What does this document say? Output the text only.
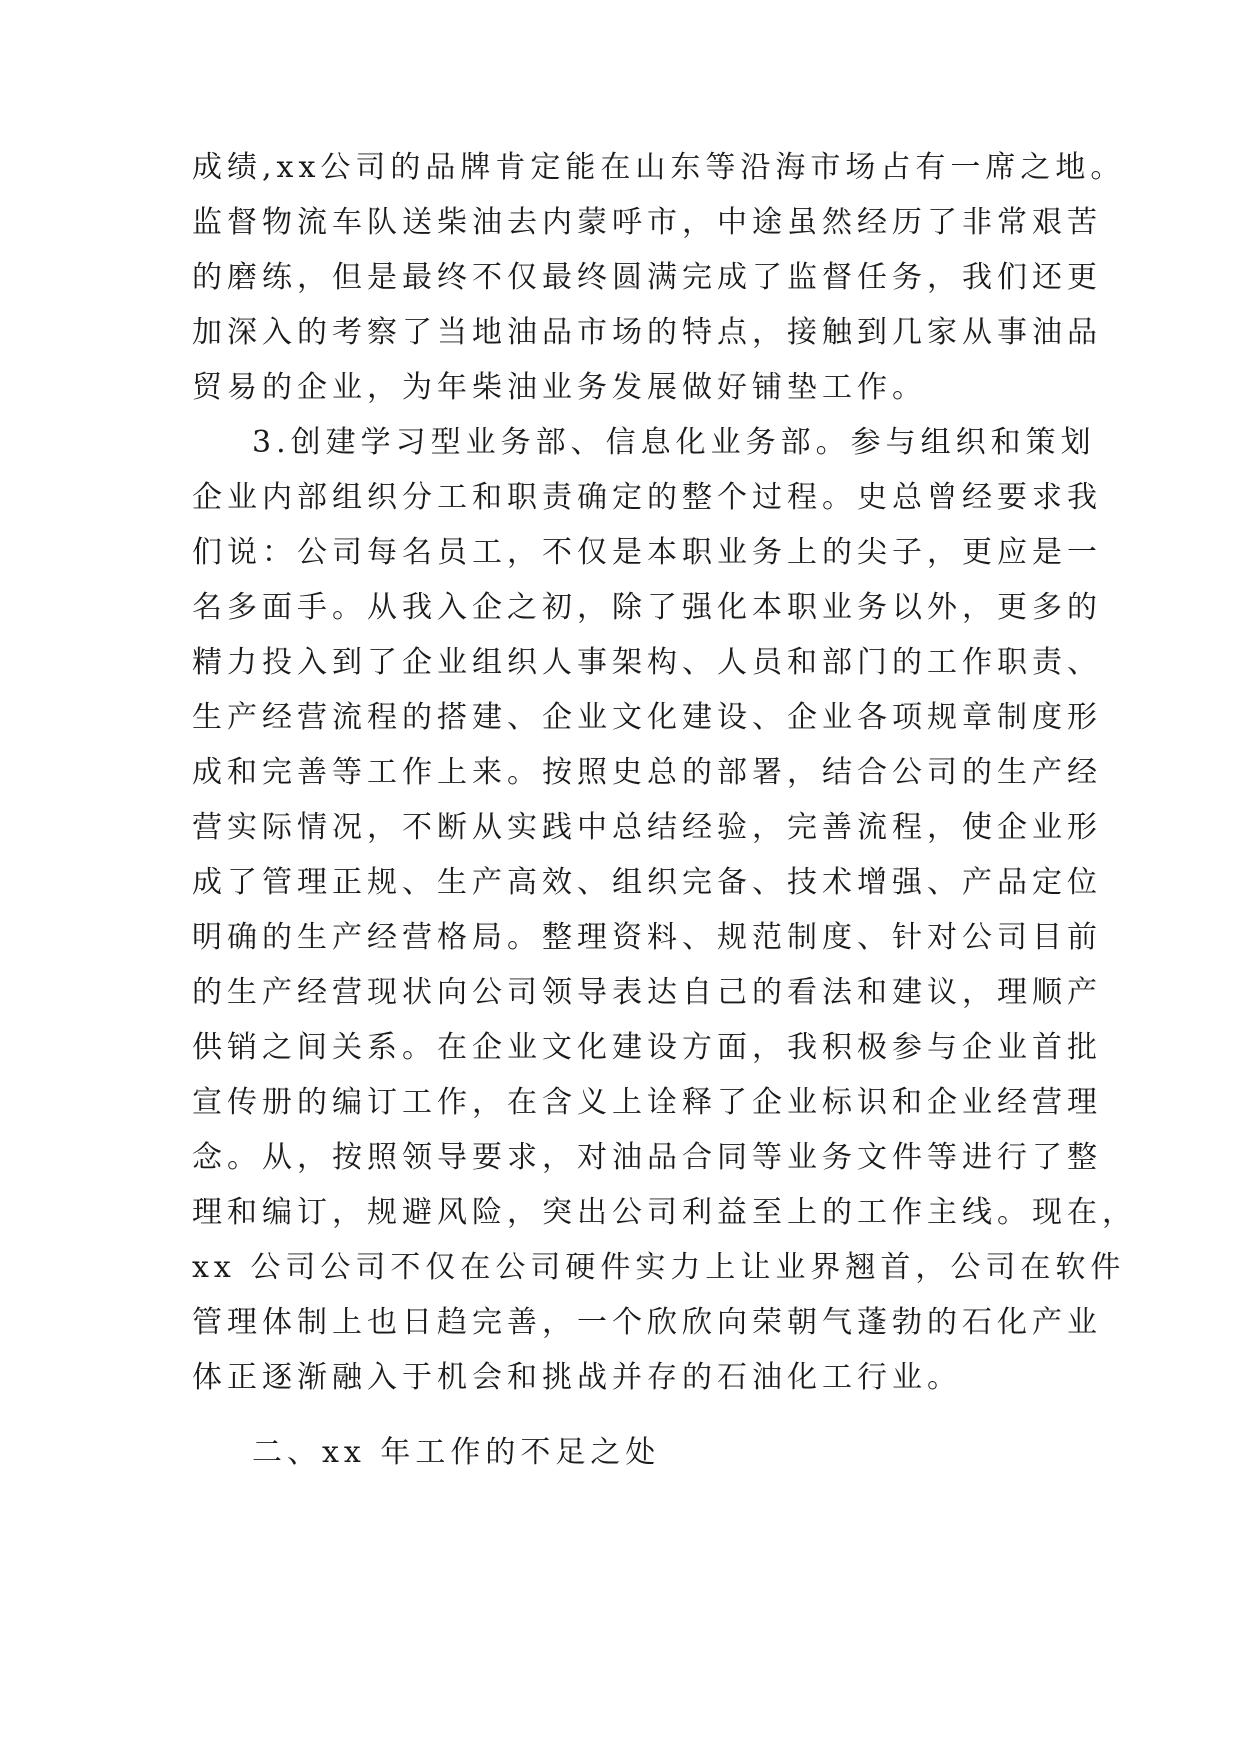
成绩,xx公司的品牌肯定能在山东等沿海市场占有一席之地。
监督物流车队送柴油去内蒙呼市，中途虽然经历了非常艰苦
的磨练，但是最终不仅最终圆满完成了监督任务，我们还更
加深入的考察了当地油品市场的特点，接触到几家从事油品
贸易的企业，为年柴油业务发展做好铺垫工作。
3.创建学习型业务部、信息化业务部。参与组织和策划
企业内部组织分工和职责确定的整个过程。史总曾经要求我
们说：公司每名员工，不仅是本职业务上的尖子，更应是一
名多面手。从我入企之初，除了强化本职业务以外，更多的
精力投入到了企业组织人事架构、人员和部门的工作职责、
生产经营流程的搭建、企业文化建设、企业各项规章制度形
成和完善等工作上来。按照史总的部署，结合公司的生产经
营实际情况，不断从实践中总结经验，完善流程，使企业形
成了管理正规、生产高效、组织完备、技术增强、产品定位
明确的生产经营格局。整理资料、规范制度、针对公司目前
的生产经营现状向公司领导表达自己的看法和建议，理顺产
供销之间关系。在企业文化建设方面，我积极参与企业首批
宣传册的编订工作，在含义上诠释了企业标识和企业经营理
念。从，按照领导要求，对油品合同等业务文件等进行了整
理和编订，规避风险，突出公司利益至上的工作主线。现在，
xx 公司公司不仅在公司硬件实力上让业界翘首，公司在软件
管理体制上也日趋完善，一个欣欣向荣朝气蓬勃的石化产业
体正逐渐融入于机会和挑战并存的石油化工行业。
二、xx 年工作的不足之处
